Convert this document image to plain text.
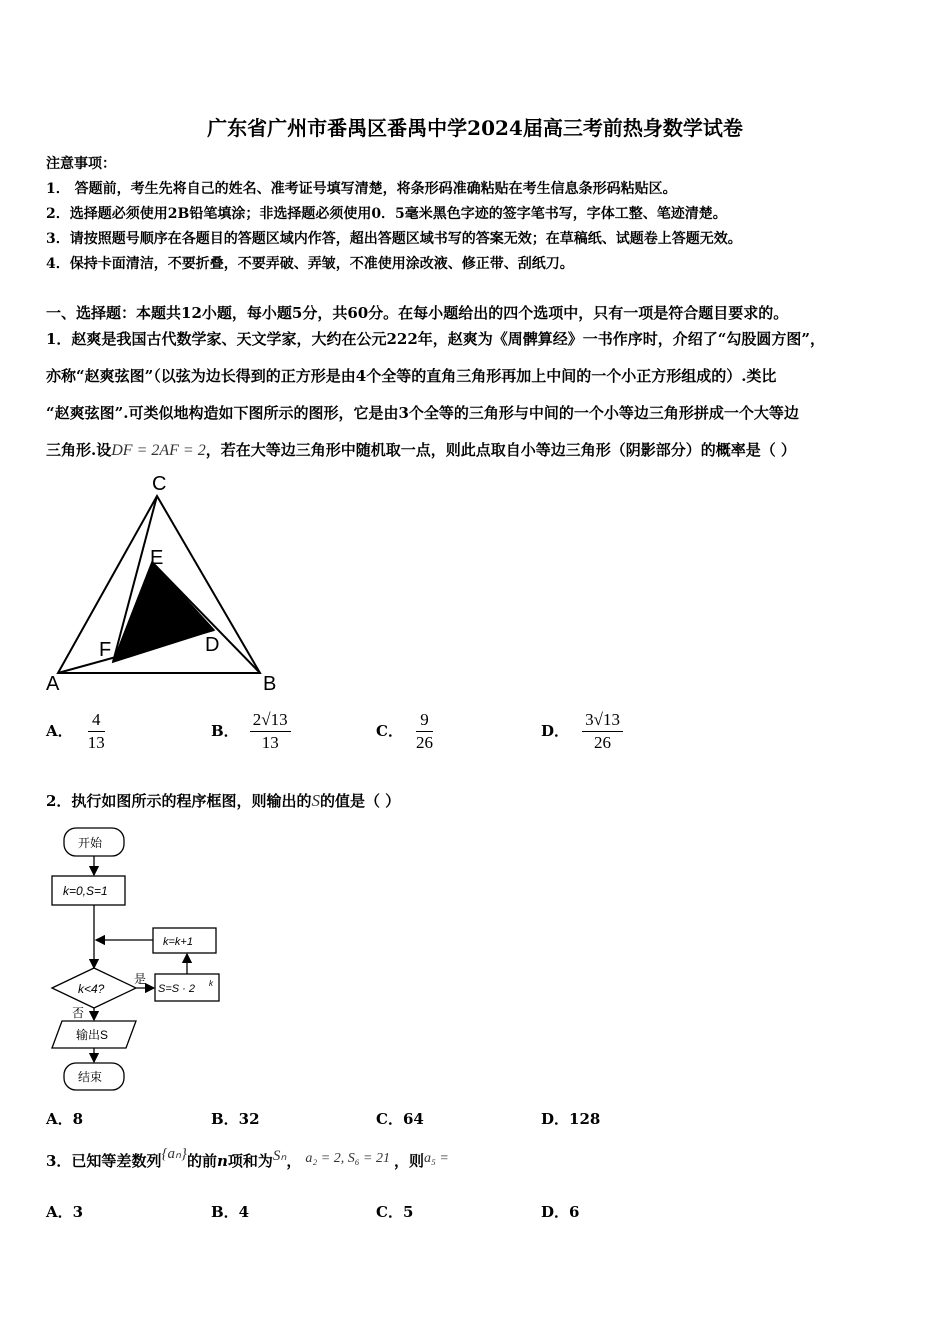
广东省广州市番禺区番禺中学2024届高三考前热身数学试卷
注意事项：
1． 答题前，考生先将自己的姓名、准考证号填写清楚，将条形码准确粘贴在考生信息条形码粘贴区。
2．选择题必须使用2B铅笔填涂；非选择题必须使用0．5毫米黑色字迹的签字笔书写，字体工整、笔迹清楚。
3．请按照题号顺序在各题目的答题区域内作答，超出答题区域书写的答案无效；在草稿纸、试题卷上答题无效。
4．保持卡面清洁，不要折叠，不要弄破、弄皱，不准使用涂改液、修正带、刮纸刀。
一、选择题：本题共12小题，每小题5分，共60分。在每小题给出的四个选项中，只有一项是符合题目要求的。
1．赵爽是我国古代数学家、天文学家，大约在公元222年，赵爽为《周髀算经》一书作序时，介绍了“勾股圆方图”，
亦称“赵爽弦图”（以弦为边长得到的正方形是由4个全等的直角三角形再加上中间的一个小正方形组成的）.类比
“赵爽弦图”.可类似地构造如下图所示的图形，它是由3个全等的三角形与中间的一个小等边三角形拼成一个大等边
三角形.设DF = 2AF = 2，若在大等边三角形中随机取一点，则此点取自小等边三角形（阴影部分）的概率是（ ）
C
E
D
F
A	B
A． $\frac{4}{13}$	B． $\frac{2√13}{13}$	C． $\frac{9}{26}$	D． $\frac{3√13}{26}$
2．执行如图所示的程序框图，则输出的S的值是（ ）
开始
k=0,S=1
k=k+1
k<4?
是
S=S · 2 k
否
输出S
结束
A．8	B．32	C．64	D．128
3．已知等差数列{aₙ}的前n项和为Sₙ， a₂ = 2, S₆ = 21 ，则a₅ =
A．3	B．4	C．5	D．6
